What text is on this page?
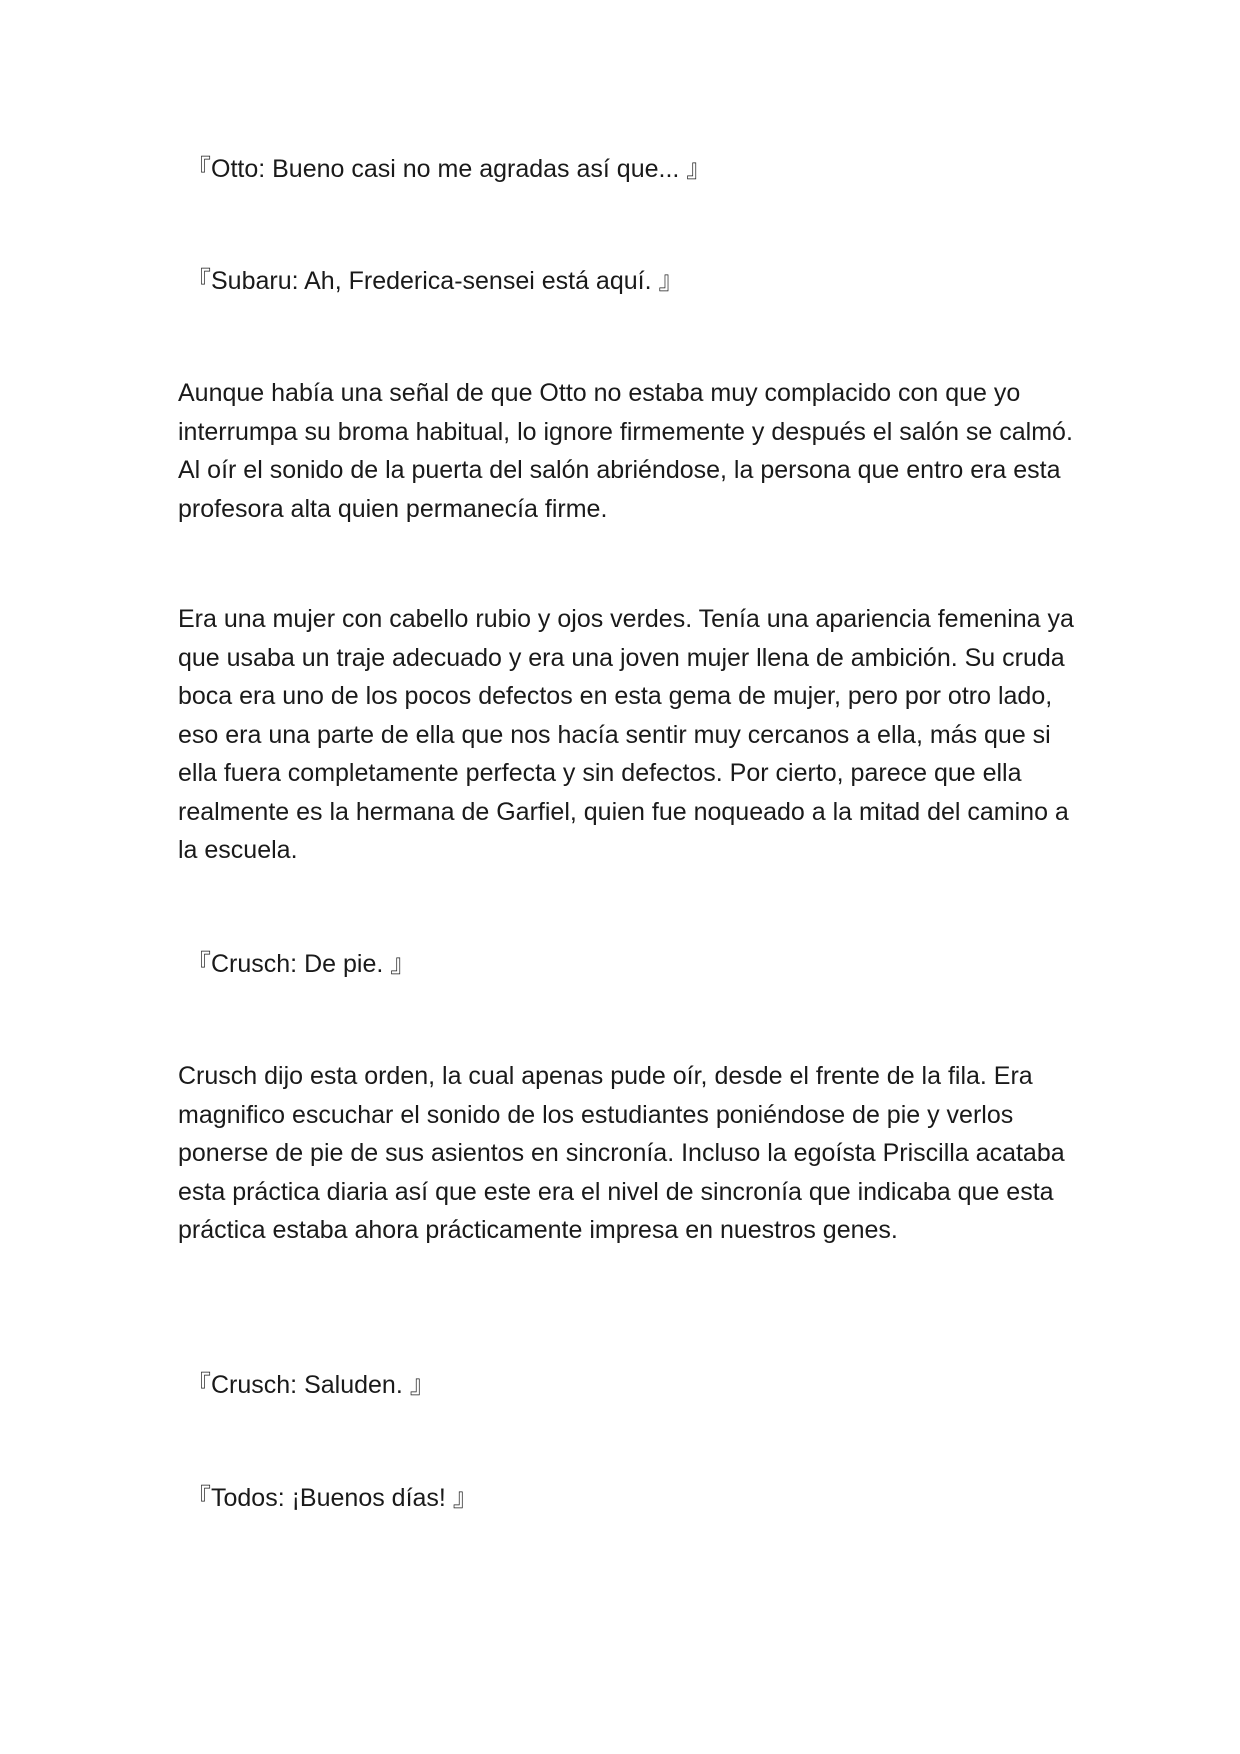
『Otto: Bueno casi no me agradas así que... 』

『Subaru: Ah, Frederica-sensei está aquí. 』

Aunque había una señal de que Otto no estaba muy complacido con que yo interrumpa su broma habitual, lo ignore firmemente y después el salón se calmó. Al oír el sonido de la puerta del salón abriéndose, la persona que entro era esta profesora alta quien permanecía firme.

Era una mujer con cabello rubio y ojos verdes. Tenía una apariencia femenina ya que usaba un traje adecuado y era una joven mujer llena de ambición. Su cruda boca era uno de los pocos defectos en esta gema de mujer, pero por otro lado, eso era una parte de ella que nos hacía sentir muy cercanos a ella, más que si ella fuera completamente perfecta y sin defectos. Por cierto, parece que ella realmente es la hermana de Garfiel, quien fue noqueado a la mitad del camino a la escuela.

『Crusch: De pie. 』

Crusch dijo esta orden, la cual apenas pude oír, desde el frente de la fila. Era magnifico escuchar el sonido de los estudiantes poniéndose de pie y verlos ponerse de pie de sus asientos en sincronía. Incluso la egoísta Priscilla acataba esta práctica diaria así que este era el nivel de sincronía que indicaba que esta práctica estaba ahora prácticamente impresa en nuestros genes.

『Crusch: Saluden. 』

『Todos: ¡Buenos días! 』
